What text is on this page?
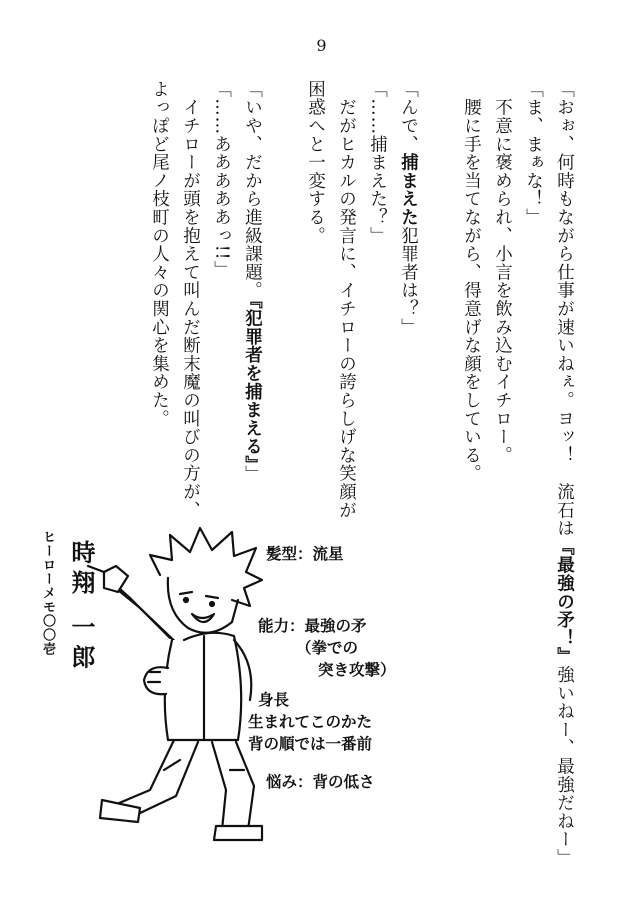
9
「おぉ、何時もながら仕事が速いねぇ。ヨッ！　流石は『最強の矛！』強いねー、最強だねー」
「ま、まぁな！」
　不意に褒められ、小言を飲み込むイチロー。
　腰に手を当てながら、得意げな顔をしている。
「んで、捕まえた犯罪者は？」
「……捕まえた？」
　だがヒカルの発言に、イチローの誇らしげな笑顔が
困惑へと一変する。
「いや、だから進級課題。『犯罪者を捕まえる』」
「……あああああっ!!」
　イチローが頭を抱えて叫んだ断末魔の叫びの方が、
よっぽど尾ノ枝町の人々の関心を集めた。
ヒーローメモ〇〇壱 時翔 一郎	髪型：流星
能力：最強の矛
（拳での
突き攻撃）
身長
生まれてこのかた
背の順では一番前
悩み：背の低さ
